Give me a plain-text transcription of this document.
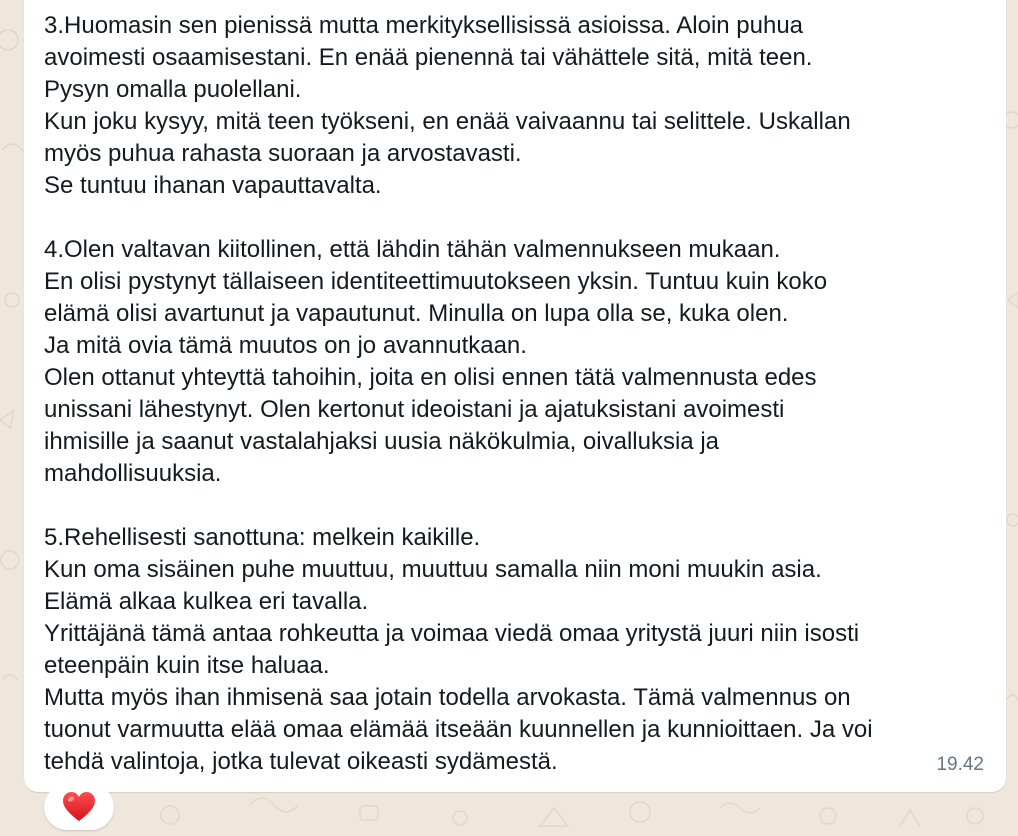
3.Huomasin sen pienissä mutta merkityksellisissä asioissa. Aloin puhua
avoimesti osaamisestani. En enää pienennä tai vähättele sitä, mitä teen.
Pysyn omalla puolellani.
Kun joku kysyy, mitä teen työkseni, en enää vaivaannu tai selittele. Uskallan
myös puhua rahasta suoraan ja arvostavasti.
Se tuntuu ihanan vapauttavalta.

4.Olen valtavan kiitollinen, että lähdin tähän valmennukseen mukaan.
En olisi pystynyt tällaiseen identiteettimuutokseen yksin. Tuntuu kuin koko
elämä olisi avartunut ja vapautunut. Minulla on lupa olla se, kuka olen.
Ja mitä ovia tämä muutos on jo avannutkaan.
Olen ottanut yhteyttä tahoihin, joita en olisi ennen tätä valmennusta edes
unissani lähestynyt. Olen kertonut ideoistani ja ajatuksistani avoimesti
ihmisille ja saanut vastalahjaksi uusia näkökulmia, oivalluksia ja
mahdollisuuksia.

5.Rehellisesti sanottuna: melkein kaikille.
Kun oma sisäinen puhe muuttuu, muuttuu samalla niin moni muukin asia.
Elämä alkaa kulkea eri tavalla.
Yrittäjänä tämä antaa rohkeutta ja voimaa viedä omaa yritystä juuri niin isosti
eteenpäin kuin itse haluaa.
Mutta myös ihan ihmisenä saa jotain todella arvokasta. Tämä valmennus on
tuonut varmuutta elää omaa elämää itseään kuunnellen ja kunnioittaen. Ja voi
tehdä valintoja, jotka tulevat oikeasti sydämestä.	19.42
